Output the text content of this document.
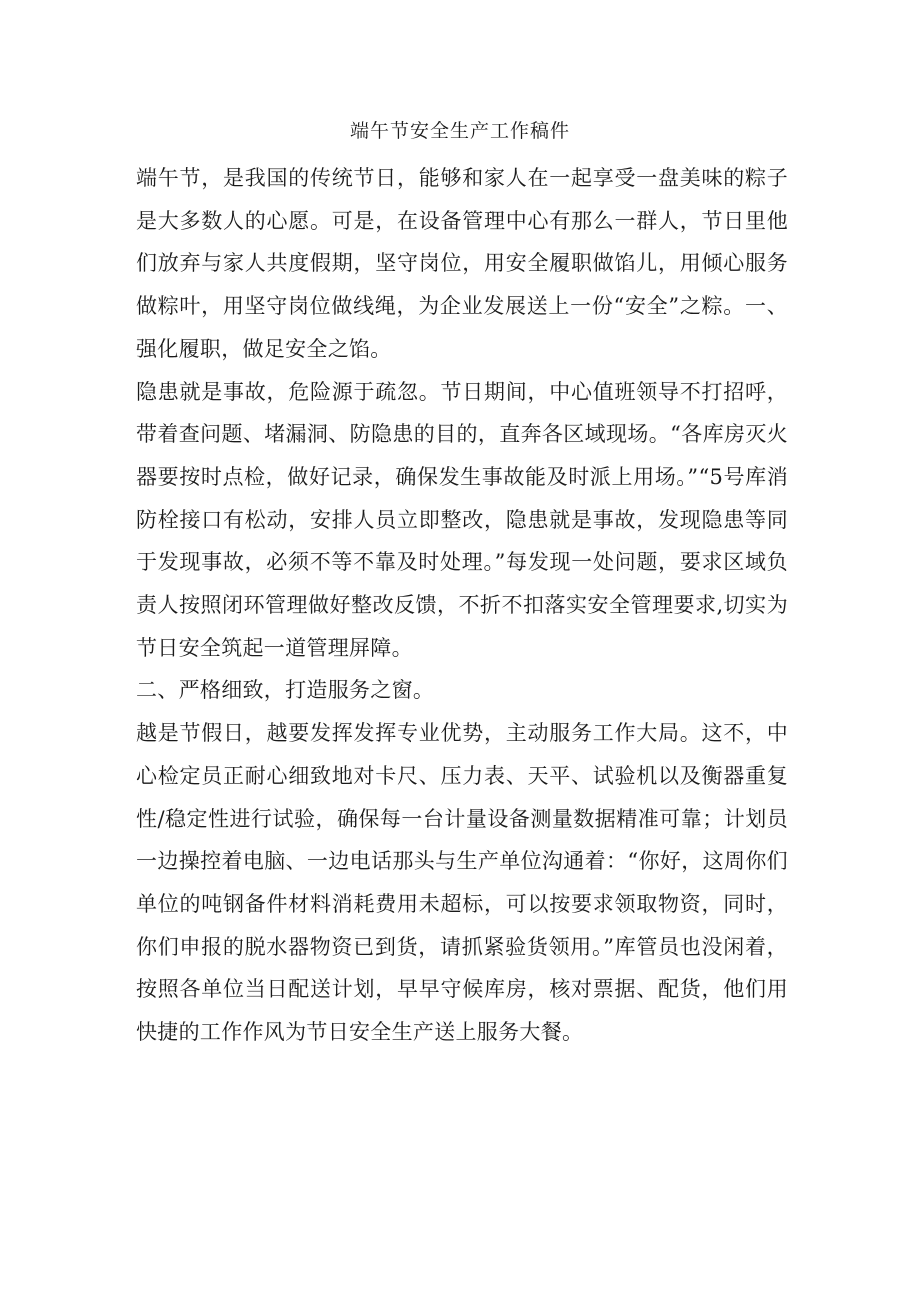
端午节安全生产工作稿件

端午节，是我国的传统节日，能够和家人在一起享受一盘美味的粽子是大多数人的心愿。可是，在设备管理中心有那么一群人，节日里他们放弃与家人共度假期，坚守岗位，用安全履职做馅儿，用倾心服务做粽叶，用坚守岗位做线绳，为企业发展送上一份“安全”之粽。一、强化履职，做足安全之馅。

隐患就是事故，危险源于疏忽。节日期间，中心值班领导不打招呼，带着查问题、堵漏洞、防隐患的目的，直奔各区域现场。“各库房灭火器要按时点检，做好记录，确保发生事故能及时派上用场。”“5号库消防栓接口有松动，安排人员立即整改，隐患就是事故，发现隐患等同于发现事故，必须不等不靠及时处理。”每发现一处问题，要求区域负责人按照闭环管理做好整改反馈，不折不扣落实安全管理要求,切实为节日安全筑起一道管理屏障。

二、严格细致，打造服务之窗。

越是节假日，越要发挥发挥专业优势，主动服务工作大局。这不，中心检定员正耐心细致地对卡尺、压力表、天平、试验机以及衡器重复性/稳定性进行试验，确保每一台计量设备测量数据精准可靠；计划员一边操控着电脑、一边电话那头与生产单位沟通着：“你好，这周你们单位的吨钢备件材料消耗费用未超标，可以按要求领取物资，同时，你们申报的脱水器物资已到货，请抓紧验货领用。”库管员也没闲着，按照各单位当日配送计划，早早守候库房，核对票据、配货，他们用快捷的工作作风为节日安全生产送上服务大餐。
